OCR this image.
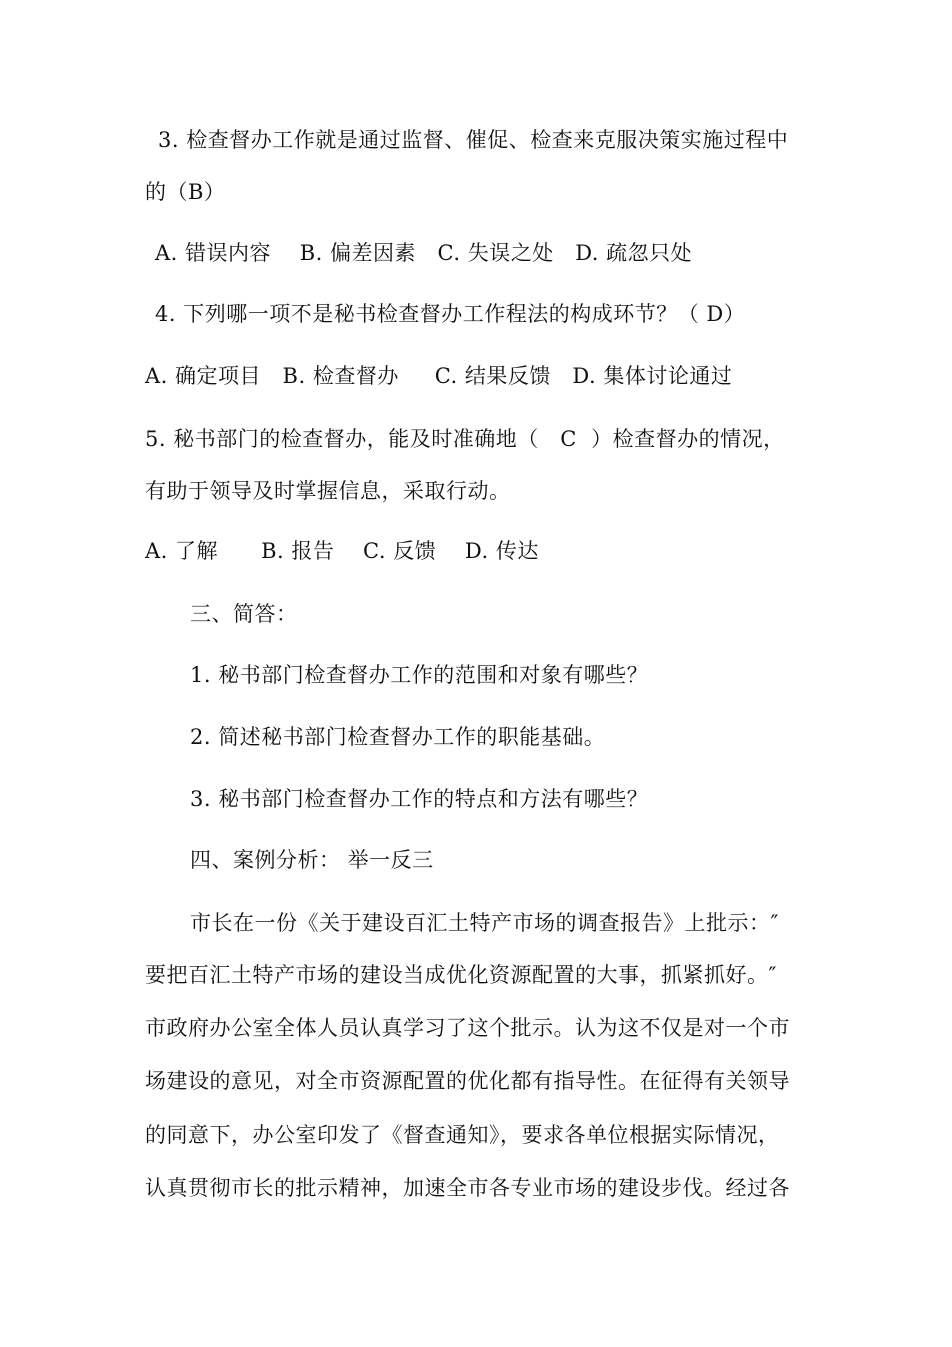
3. 检查督办工作就是通过监督、催促、检查来克服决策实施过程中
的（B）
A. 错误内容    B. 偏差因素   C. 失误之处   D. 疏忽只处
4. 下列哪一项不是秘书检查督办工作程法的构成环节？（ D）
A. 确定项目   B. 检查督办     C. 结果反馈   D. 集体讨论通过
5. 秘书部门的检查督办，能及时准确地（   C  ）检查督办的情况，
有助于领导及时掌握信息，采取行动。
A. 了解      B. 报告    C. 反馈    D. 传达
三、简答：
1. 秘书部门检查督办工作的范围和对象有哪些？
2. 简述秘书部门检查督办工作的职能基础。
3. 秘书部门检查督办工作的特点和方法有哪些？
四、案例分析： 举一反三
市长在一份《关于建设百汇土特产市场的调查报告》上批示：″
要把百汇土特产市场的建设当成优化资源配置的大事，抓紧抓好。″
市政府办公室全体人员认真学习了这个批示。认为这不仅是对一个市
场建设的意见，对全市资源配置的优化都有指导性。在征得有关领导
的同意下，办公室印发了《督查通知》，要求各单位根据实际情况，
认真贯彻市长的批示精神，加速全市各专业市场的建设步伐。经过各
